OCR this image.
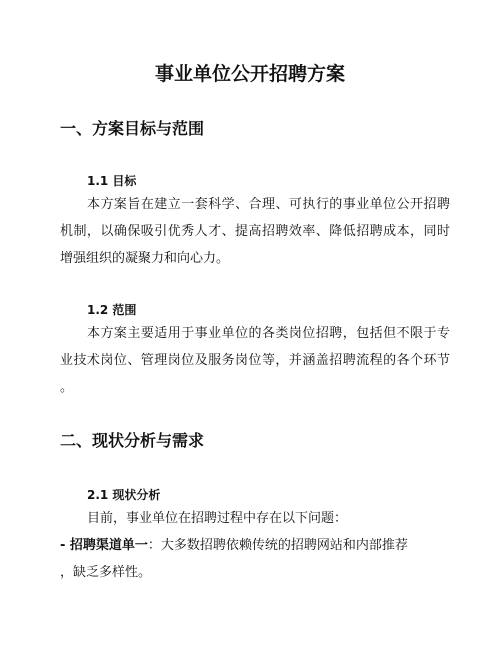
事业单位公开招聘方案
一、方案目标与范围
1.1 目标
本方案旨在建立一套科学、合理、可执行的事业单位公开招聘
机制，以确保吸引优秀人才、提高招聘效率、降低招聘成本，同时
增强组织的凝聚力和向心力。
1.2 范围
本方案主要适用于事业单位的各类岗位招聘，包括但不限于专
业技术岗位、管理岗位及服务岗位等，并涵盖招聘流程的各个环节
。
二、现状分析与需求
2.1 现状分析
目前，事业单位在招聘过程中存在以下问题：
- 招聘渠道单一：大多数招聘依赖传统的招聘网站和内部推荐
，缺乏多样性。
